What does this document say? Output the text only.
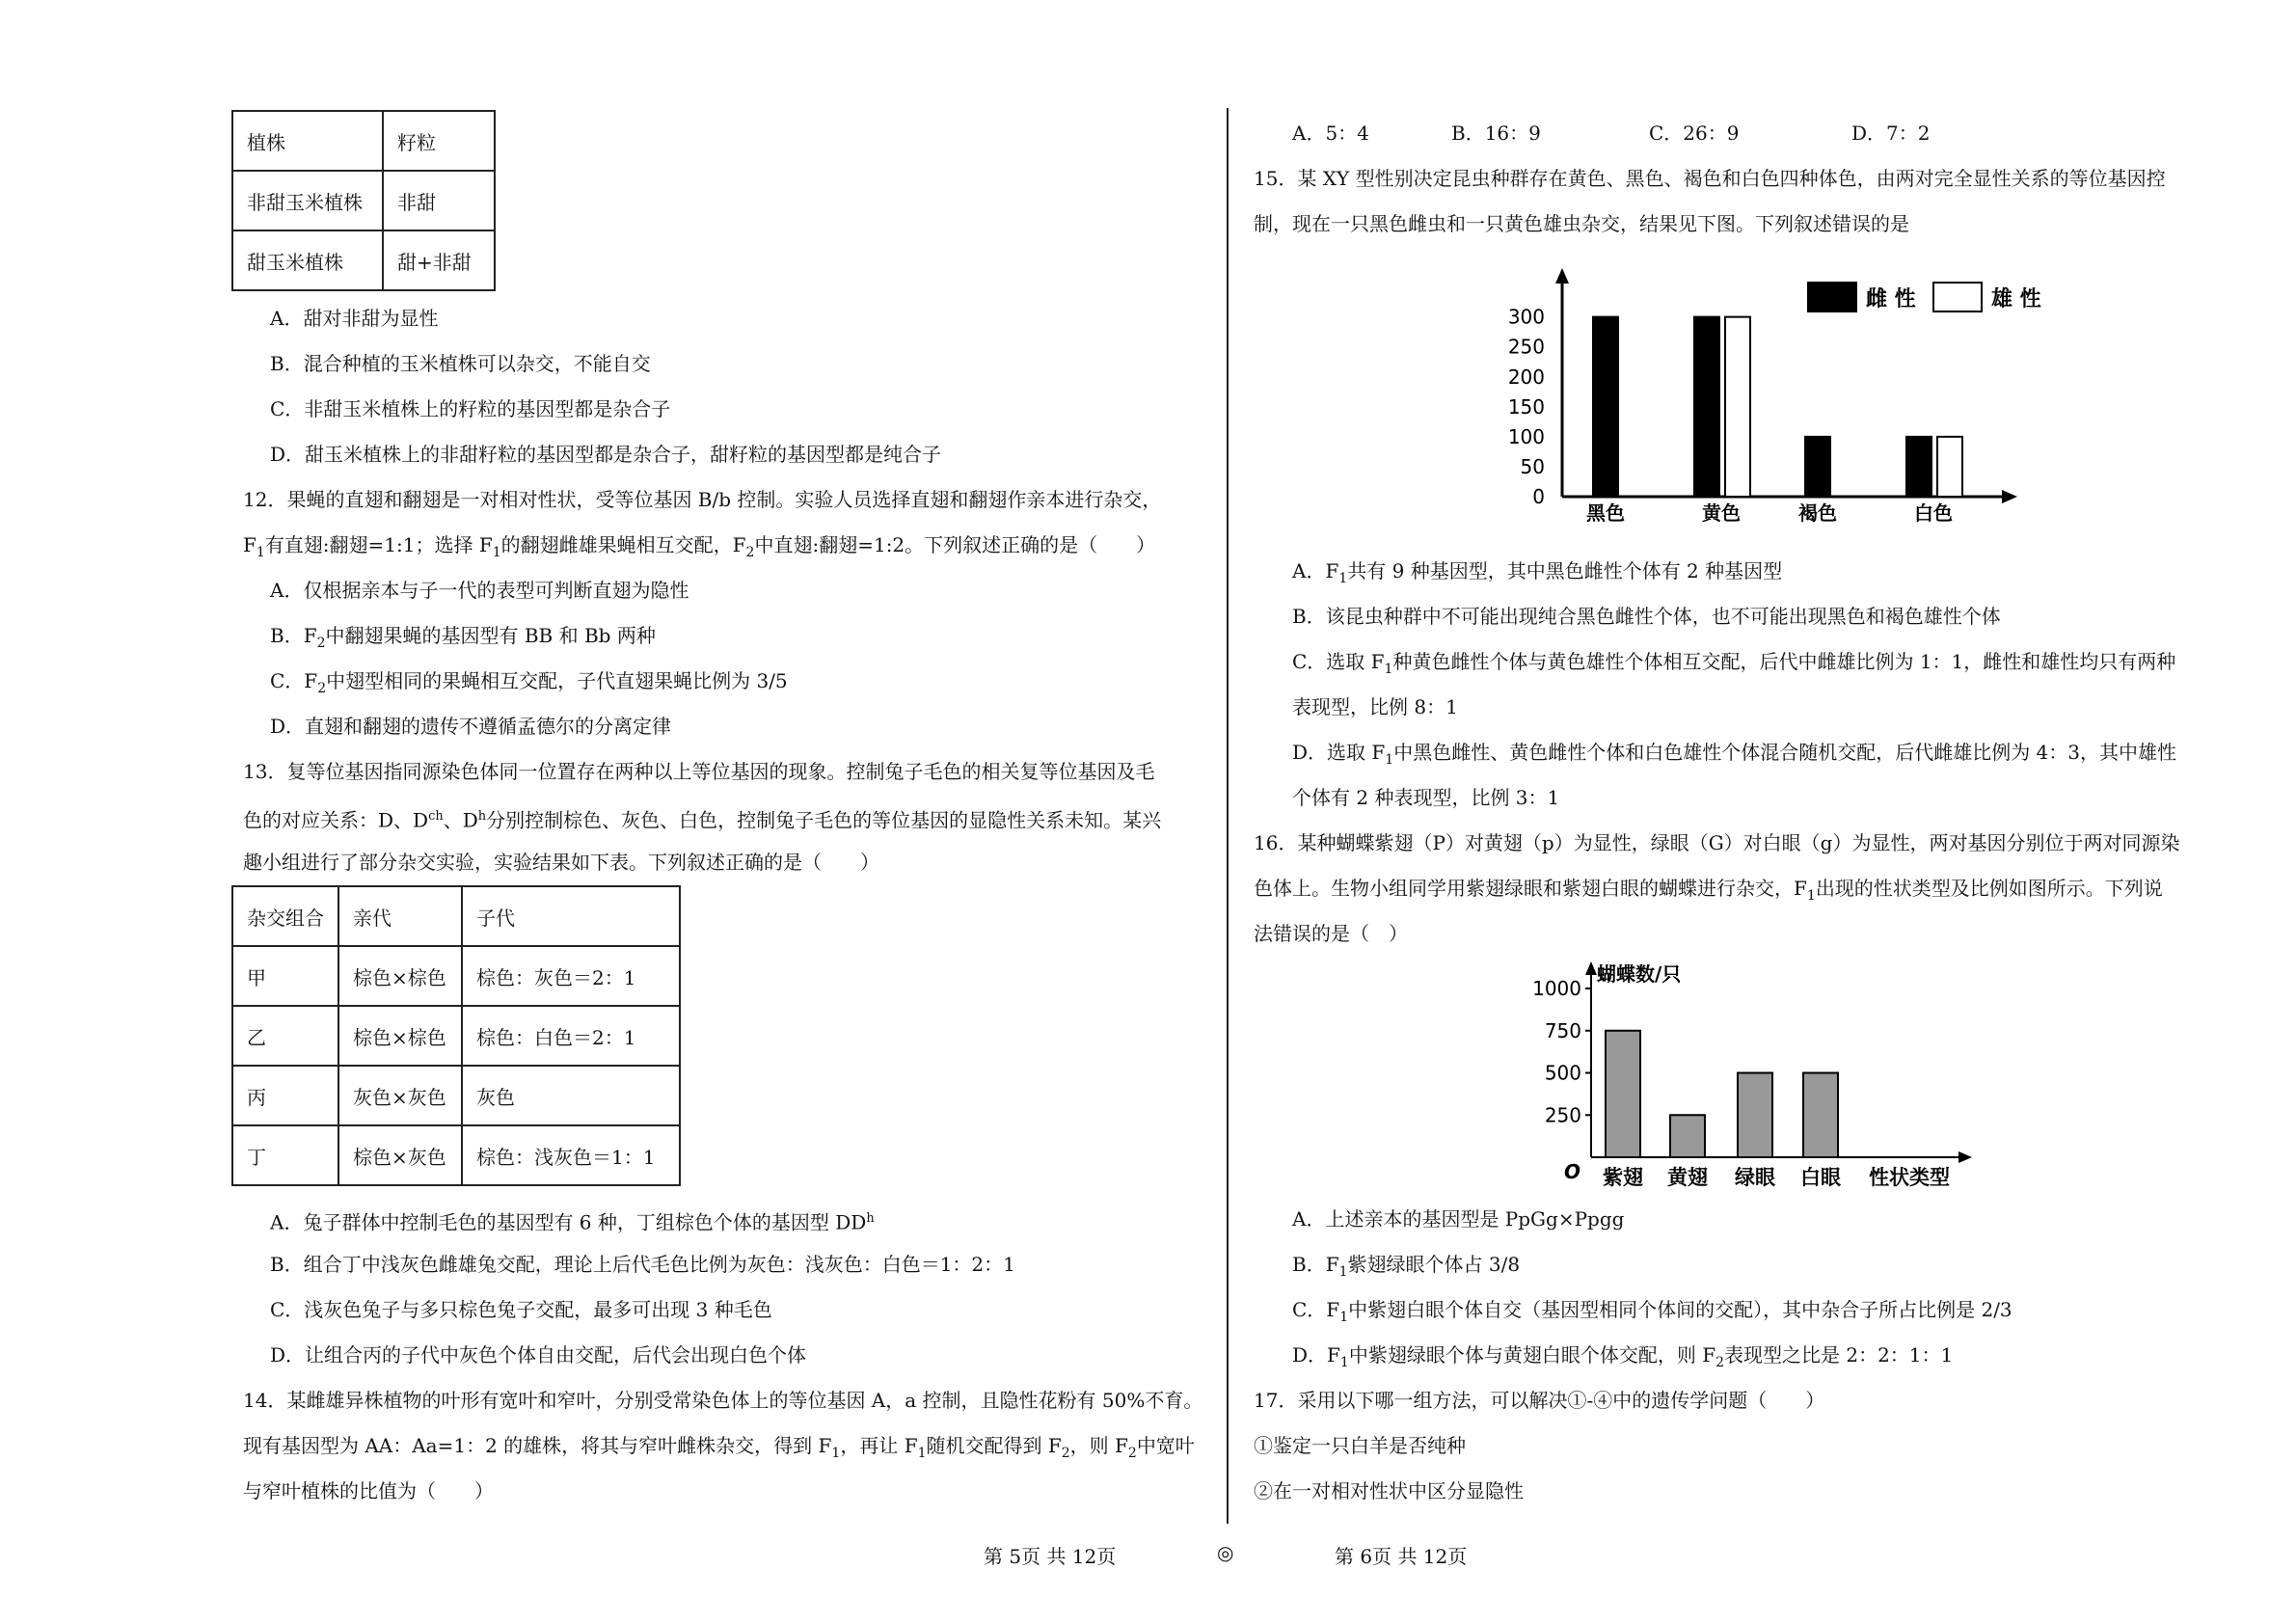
植株	籽粒
非甜玉米植株	非甜
甜玉米植株	甜+非甜
A．甜对非甜为显性
B．混合种植的玉米植株可以杂交，不能自交
C．非甜玉米植株上的籽粒的基因型都是杂合子
D．甜玉米植株上的非甜籽粒的基因型都是杂合子，甜籽粒的基因型都是纯合子
12．果蝇的直翅和翻翅是一对相对性状，受等位基因 B/b 控制。实验人员选择直翅和翻翅作亲本进行杂交，
$F_1$有直翅:翻翅=1:1；选择 $F_1$的翻翅雌雄果蝇相互交配，$F_2$中直翅:翻翅=1:2。下列叙述正确的是（　　）
A．仅根据亲本与子一代的表型可判断直翅为隐性
B．$F_2$中翻翅果蝇的基因型有 BB 和 Bb 两种
C．$F_2$中翅型相同的果蝇相互交配，子代直翅果蝇比例为 3/5
D．直翅和翻翅的遗传不遵循孟德尔的分离定律
13．复等位基因指同源染色体同一位置存在两种以上等位基因的现象。控制兔子毛色的相关复等位基因及毛
色的对应关系：D、$D^{ch}$、$D^h$分别控制棕色、灰色、白色，控制兔子毛色的等位基因的显隐性关系未知。某兴
趣小组进行了部分杂交实验，实验结果如下表。下列叙述正确的是（　　）
杂交组合	亲代	子代
甲	棕色×棕色	棕色：灰色＝2：1
乙	棕色×棕色	棕色：白色＝2：1
丙	灰色×灰色	灰色
丁	棕色×灰色	棕色：浅灰色＝1：1
A．兔子群体中控制毛色的基因型有 6 种，丁组棕色个体的基因型 $DD^h$
B．组合丁中浅灰色雌雄兔交配，理论上后代毛色比例为灰色：浅灰色：白色＝1：2：1
C．浅灰色兔子与多只棕色兔子交配，最多可出现 3 种毛色
D．让组合丙的子代中灰色个体自由交配，后代会出现白色个体
14．某雌雄异株植物的叶形有宽叶和窄叶，分别受常染色体上的等位基因 A，a 控制，且隐性花粉有 50%不育。
现有基因型为 AA：Aa=1：2 的雄株，将其与窄叶雌株杂交，得到 $F_1$，再让 $F_1$随机交配得到 $F_2$，则 $F_2$中宽叶
与窄叶植株的比值为（　　）
A．5：4	B．16：9	C．26：9	D．7：2
15．某 XY 型性别决定昆虫种群存在黄色、黑色、褐色和白色四种体色，由两对完全显性关系的等位基因控
制，现在一只黑色雌虫和一只黄色雄虫杂交，结果见下图。下列叙述错误的是
0
50
100
150
200
250
300
黑色	黄色	褐色	白色
雌 性	雄 性
A．$F_1$共有 9 种基因型，其中黑色雌性个体有 2 种基因型
B．该昆虫种群中不可能出现纯合黑色雌性个体，也不可能出现黑色和褐色雄性个体
C．选取 $F_1$种黄色雌性个体与黄色雄性个体相互交配，后代中雌雄比例为 1：1，雌性和雄性均只有两种
表现型，比例 8：1
D．选取 $F_1$中黑色雌性、黄色雌性个体和白色雄性个体混合随机交配，后代雌雄比例为 4：3，其中雄性
个体有 2 种表现型，比例 3：1
16．某种蝴蝶紫翅（P）对黄翅（p）为显性，绿眼（G）对白眼（g）为显性，两对基因分别位于两对同源染
色体上。生物小组同学用紫翅绿眼和紫翅白眼的蝴蝶进行杂交，$F_1$出现的性状类型及比例如图所示。下列说
法错误的是（　）
蝴蝶数/只
O
250
500
750
1000
紫翅 黄翅 绿眼 白眼 性状类型
A．上述亲本的基因型是 PpGg×Ppgg
B．$F_1$紫翅绿眼个体占 3/8
C．$F_1$中紫翅白眼个体自交（基因型相同个体间的交配），其中杂合子所占比例是 2/3
D．$F_1$中紫翅绿眼个体与黄翅白眼个体交配，则 $F_2$表现型之比是 2：2：1：1
17．采用以下哪一组方法，可以解决①-④中的遗传学问题（　　）
①鉴定一只白羊是否纯种
②在一对相对性状中区分显隐性
第 5页 共 12页	◎	第 6页 共 12页
